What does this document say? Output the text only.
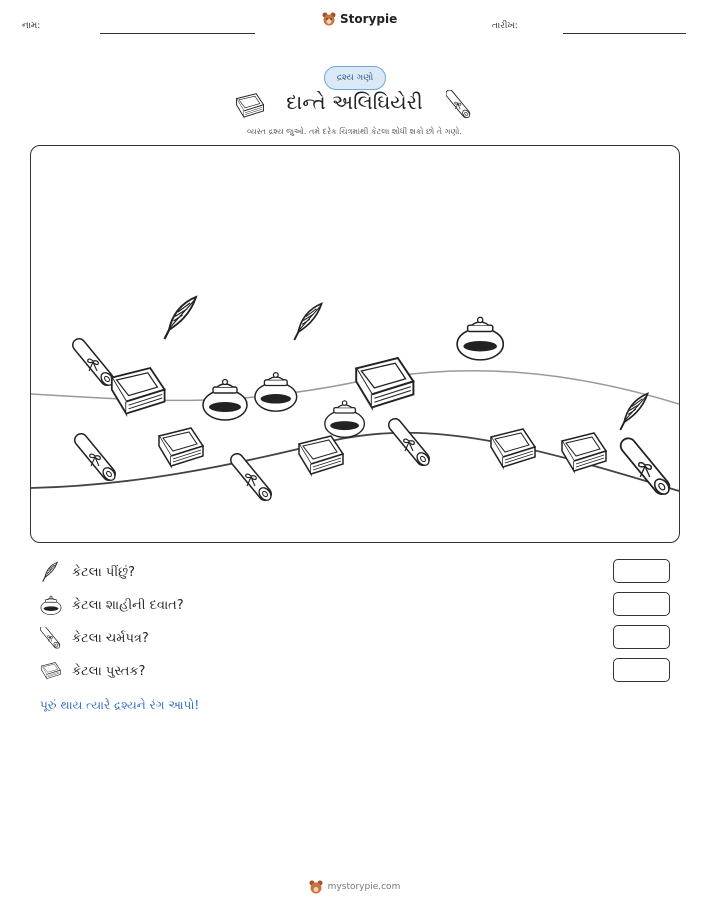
નામ:	Storypie	તારીખ:
દ્રશ્ય ગણો
દાન્તે અલિઘિયેરી
વ્યસ્ત દ્રશ્ય જુઓ. તમે દરેક ચિત્રમાંથી કેટલા શોધી શકો છો તે ગણો.
કેટલા પીંછું?
કેટલા શાહીની દવાત?
કેટલા ચર્મપત્ર?
કેટલા પુસ્તક?
પૂરું થાય ત્યારે દ્રશ્યને રંગ આપો!
mystorypie.com
